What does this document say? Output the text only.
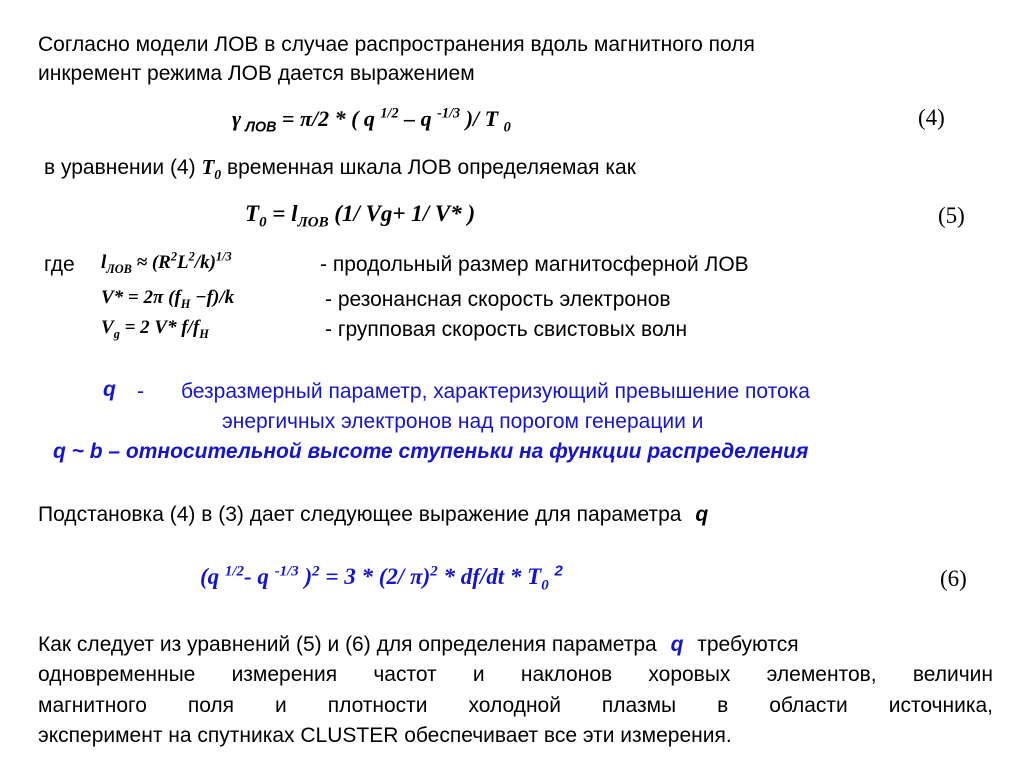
Согласно модели ЛОВ в случае распространения вдоль магнитного поля
инкремент режима ЛОВ дается выражением
γ $_{ЛОВ}$ = π/2 * ( q $^{1/2}$ – q $^{-1/3}$ )/ T $_0$	(4)
в уравнении (4) $T_0$ временная шкала ЛОВ определяемая как
$T_0 = l_{ЛОВ}$ (1/ Vg+ 1/ V* )	(5)
где $l_{ЛОВ} \approx (R^2L^2/k)^{1/3}$	- продольный размер магнитосферной ЛОВ
V* = 2π $(f_H -f)/k$	- резонансная скорость электронов
$V_g = 2$ V* $f/f_H$	- групповая скорость свистовых волн
q - безразмерный параметр, характеризующий превышение потока
энергичных электронов над порогом генерации и
q ~ b – относительной высоте ступеньки на функции распределения
Подстановка (4) в (3) дает следующее выражение для параметра q
(q $^{1/2}$- q $^{-1/3}$ )$^2$ = 3 * (2/ $\pi)^2 * df/dt * T_0$ $^2$	(6)
Как следует из уравнений (5) и (6) для определения параметра q требуются
одновременные измерения частот и наклонов хоровых элементов, величин
магнитного поля и плотности холодной плазмы в области источника,
эксперимент на спутниках CLUSTER обеспечивает все эти измерения.
